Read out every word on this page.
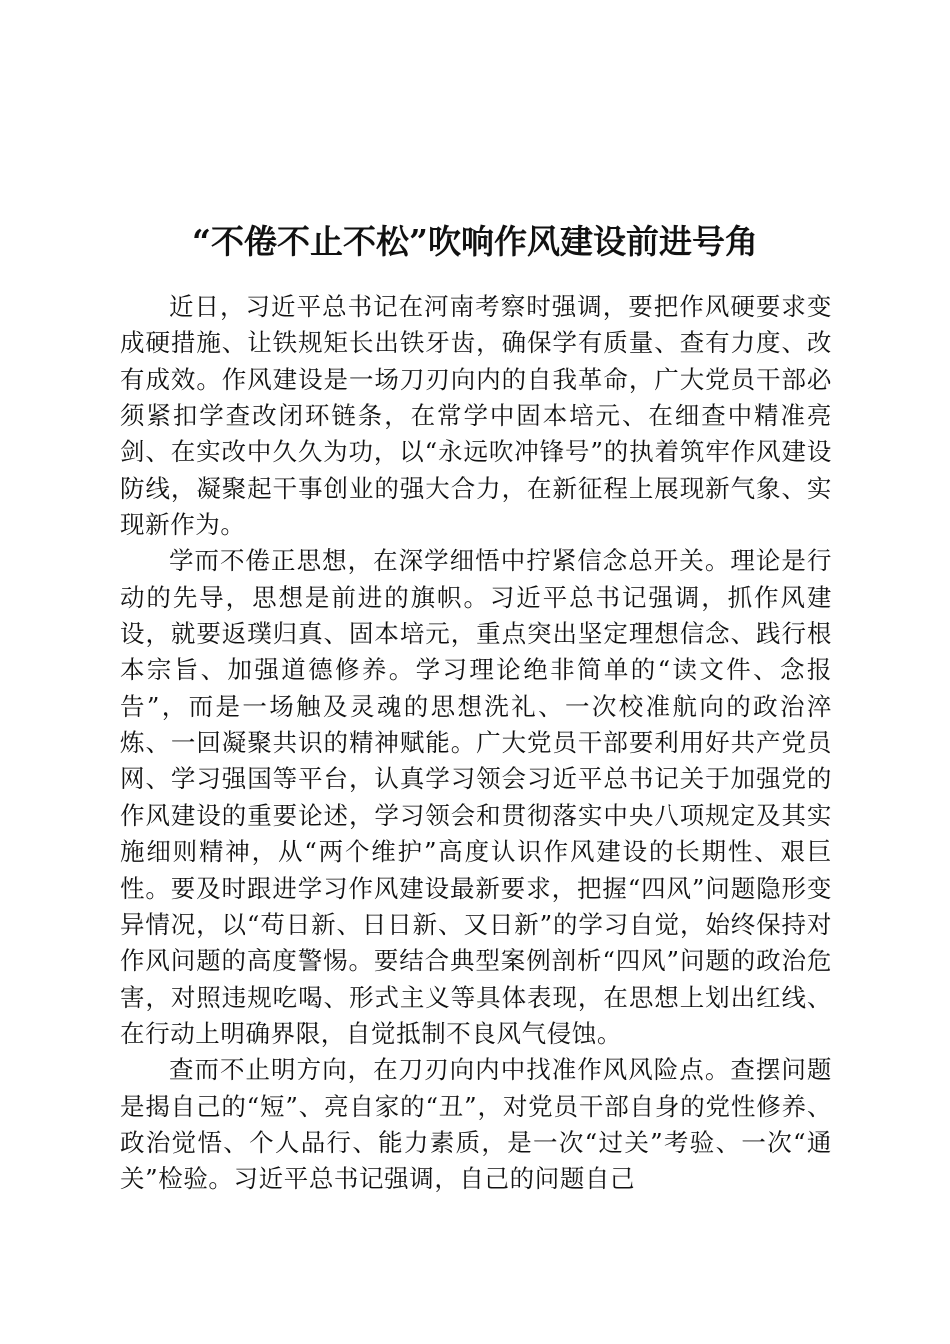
“不倦不止不松”吹响作风建设前进号角

近日，习近平总书记在河南考察时强调，要把作风硬要求变成硬措施、让铁规矩长出铁牙齿，确保学有质量、查有力度、改有成效。作风建设是一场刀刃向内的自我革命，广大党员干部必须紧扣学查改闭环链条，在常学中固本培元、在细查中精准亮剑、在实改中久久为功，以“永远吹冲锋号”的执着筑牢作风建设防线，凝聚起干事创业的强大合力，在新征程上展现新气象、实现新作为。

学而不倦正思想，在深学细悟中拧紧信念总开关。理论是行动的先导，思想是前进的旗帜。习近平总书记强调，抓作风建设，就要返璞归真、固本培元，重点突出坚定理想信念、践行根本宗旨、加强道德修养。学习理论绝非简单的“读文件、念报告”，而是一场触及灵魂的思想洗礼、一次校准航向的政治淬炼、一回凝聚共识的精神赋能。广大党员干部要利用好共产党员网、学习强国等平台，认真学习领会习近平总书记关于加强党的作风建设的重要论述，学习领会和贯彻落实中央八项规定及其实施细则精神，从“两个维护”高度认识作风建设的长期性、艰巨性。要及时跟进学习作风建设最新要求，把握“四风”问题隐形变异情况，以“苟日新、日日新、又日新”的学习自觉，始终保持对作风问题的高度警惕。要结合典型案例剖析“四风”问题的政治危害，对照违规吃喝、形式主义等具体表现，在思想上划出红线、在行动上明确界限，自觉抵制不良风气侵蚀。

查而不止明方向，在刀刃向内中找准作风风险点。查摆问题是揭自己的“短”、亮自家的“丑”，对党员干部自身的党性修养、政治觉悟、个人品行、能力素质，是一次“过关”考验、一次“通关”检验。习近平总书记强调，自己的问题自己
